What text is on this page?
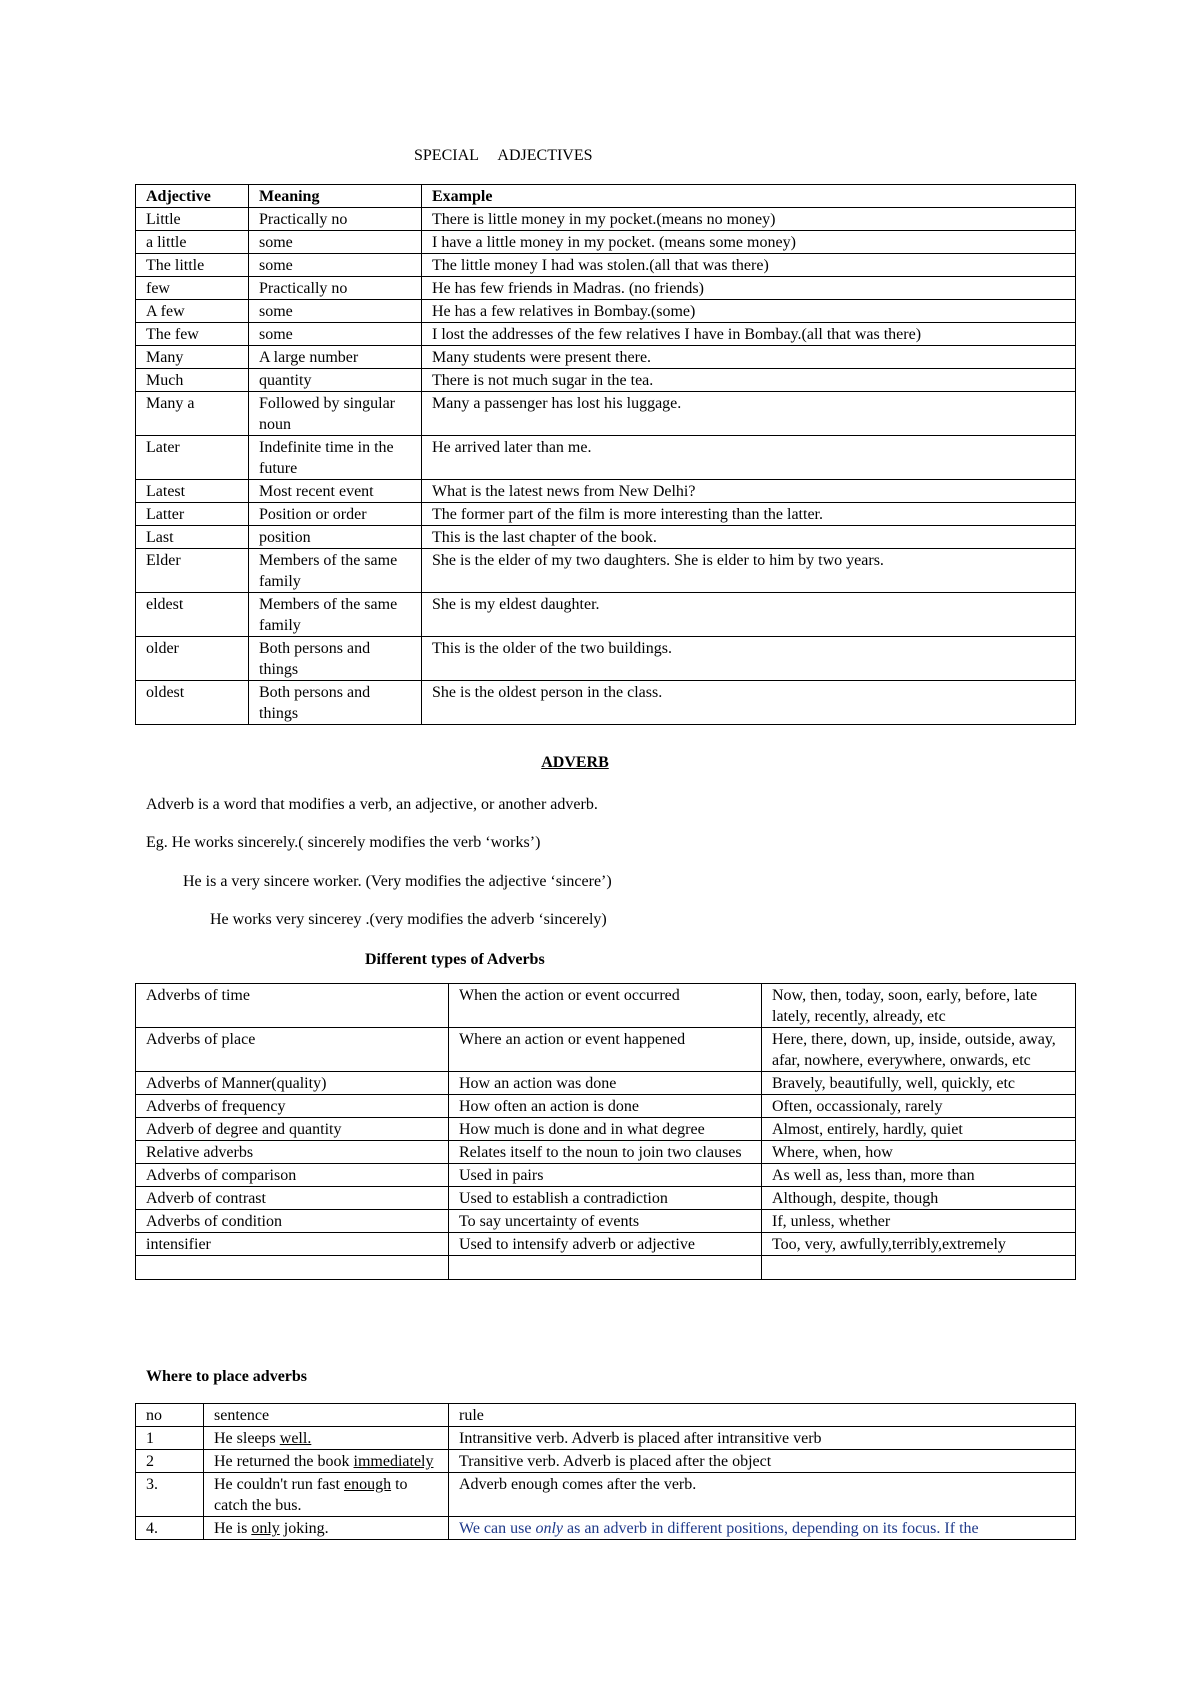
SPECIAL     ADJECTIVES
Adjective	Meaning	Example
Little	Practically no	There is little money in my pocket.(means no money)
a little	some	I have a little money in my pocket. (means some money)
The little	some	The little money I had was stolen.(all that was there)
few	Practically no	He has few friends in Madras. (no friends)
A few	some	He has a few relatives in Bombay.(some)
The few	some	I lost the addresses of the few relatives I have in Bombay.(all that was there)
Many	A large number	Many students were present there.
Much	quantity	There is not much sugar in the tea.
Many a	Followed by singular noun	Many a passenger has lost his luggage.
Later	Indefinite time in the future	He arrived later than me.
Latest	Most recent event	What is the latest news from New Delhi?
Latter	Position or order	The former part of the film is more interesting than the latter.
Last	position	This is the last chapter of the book.
Elder	Members of the same family	She is the elder of my two daughters. She is elder to him by two years.
eldest	Members of the same family	She is my eldest daughter.
older	Both persons and things	This is the older of the two buildings.
oldest	Both persons and things	She is the oldest person in the class.
ADVERB
Adverb is a word that modifies a verb, an adjective, or another adverb.
Eg. He works sincerely.( sincerely modifies the verb ‘works’)
He is a very sincere worker. (Very modifies the adjective ‘sincere’)
He works very sincerey .(very modifies the adverb ‘sincerely)
Different types of Adverbs
Adverbs of time	When the action or event occurred	Now, then, today, soon, early, before, late lately, recently, already, etc
Adverbs of place	Where an action or event happened	Here, there, down, up, inside, outside, away, afar, nowhere, everywhere, onwards, etc
Adverbs of Manner(quality)	How an action was done	Bravely, beautifully, well, quickly, etc
Adverbs of frequency	How often an action is done	Often, occassionaly, rarely
Adverb of degree and quantity	How much is done and in what degree	Almost, entirely, hardly, quiet
Relative adverbs	Relates itself to the noun to join two clauses	Where, when, how
Adverbs of comparison	Used in pairs	As well as, less than, more than
Adverb of contrast	Used to establish a contradiction	Although, despite, though
Adverbs of condition	To say uncertainty of events	If, unless, whether
intensifier	Used to intensify adverb or adjective	Too, very, awfully,terribly,extremely

Where to place adverbs
no	sentence	rule
1	He sleeps well.	Intransitive verb. Adverb is placed after intransitive verb
2	He returned the book immediately	Transitive verb. Adverb is placed after the object
3.	He couldn't run fast enough to catch the bus.	Adverb enough comes after the verb.
4.	He is only joking.	We can use only as an adverb in different positions, depending on its focus. If the
